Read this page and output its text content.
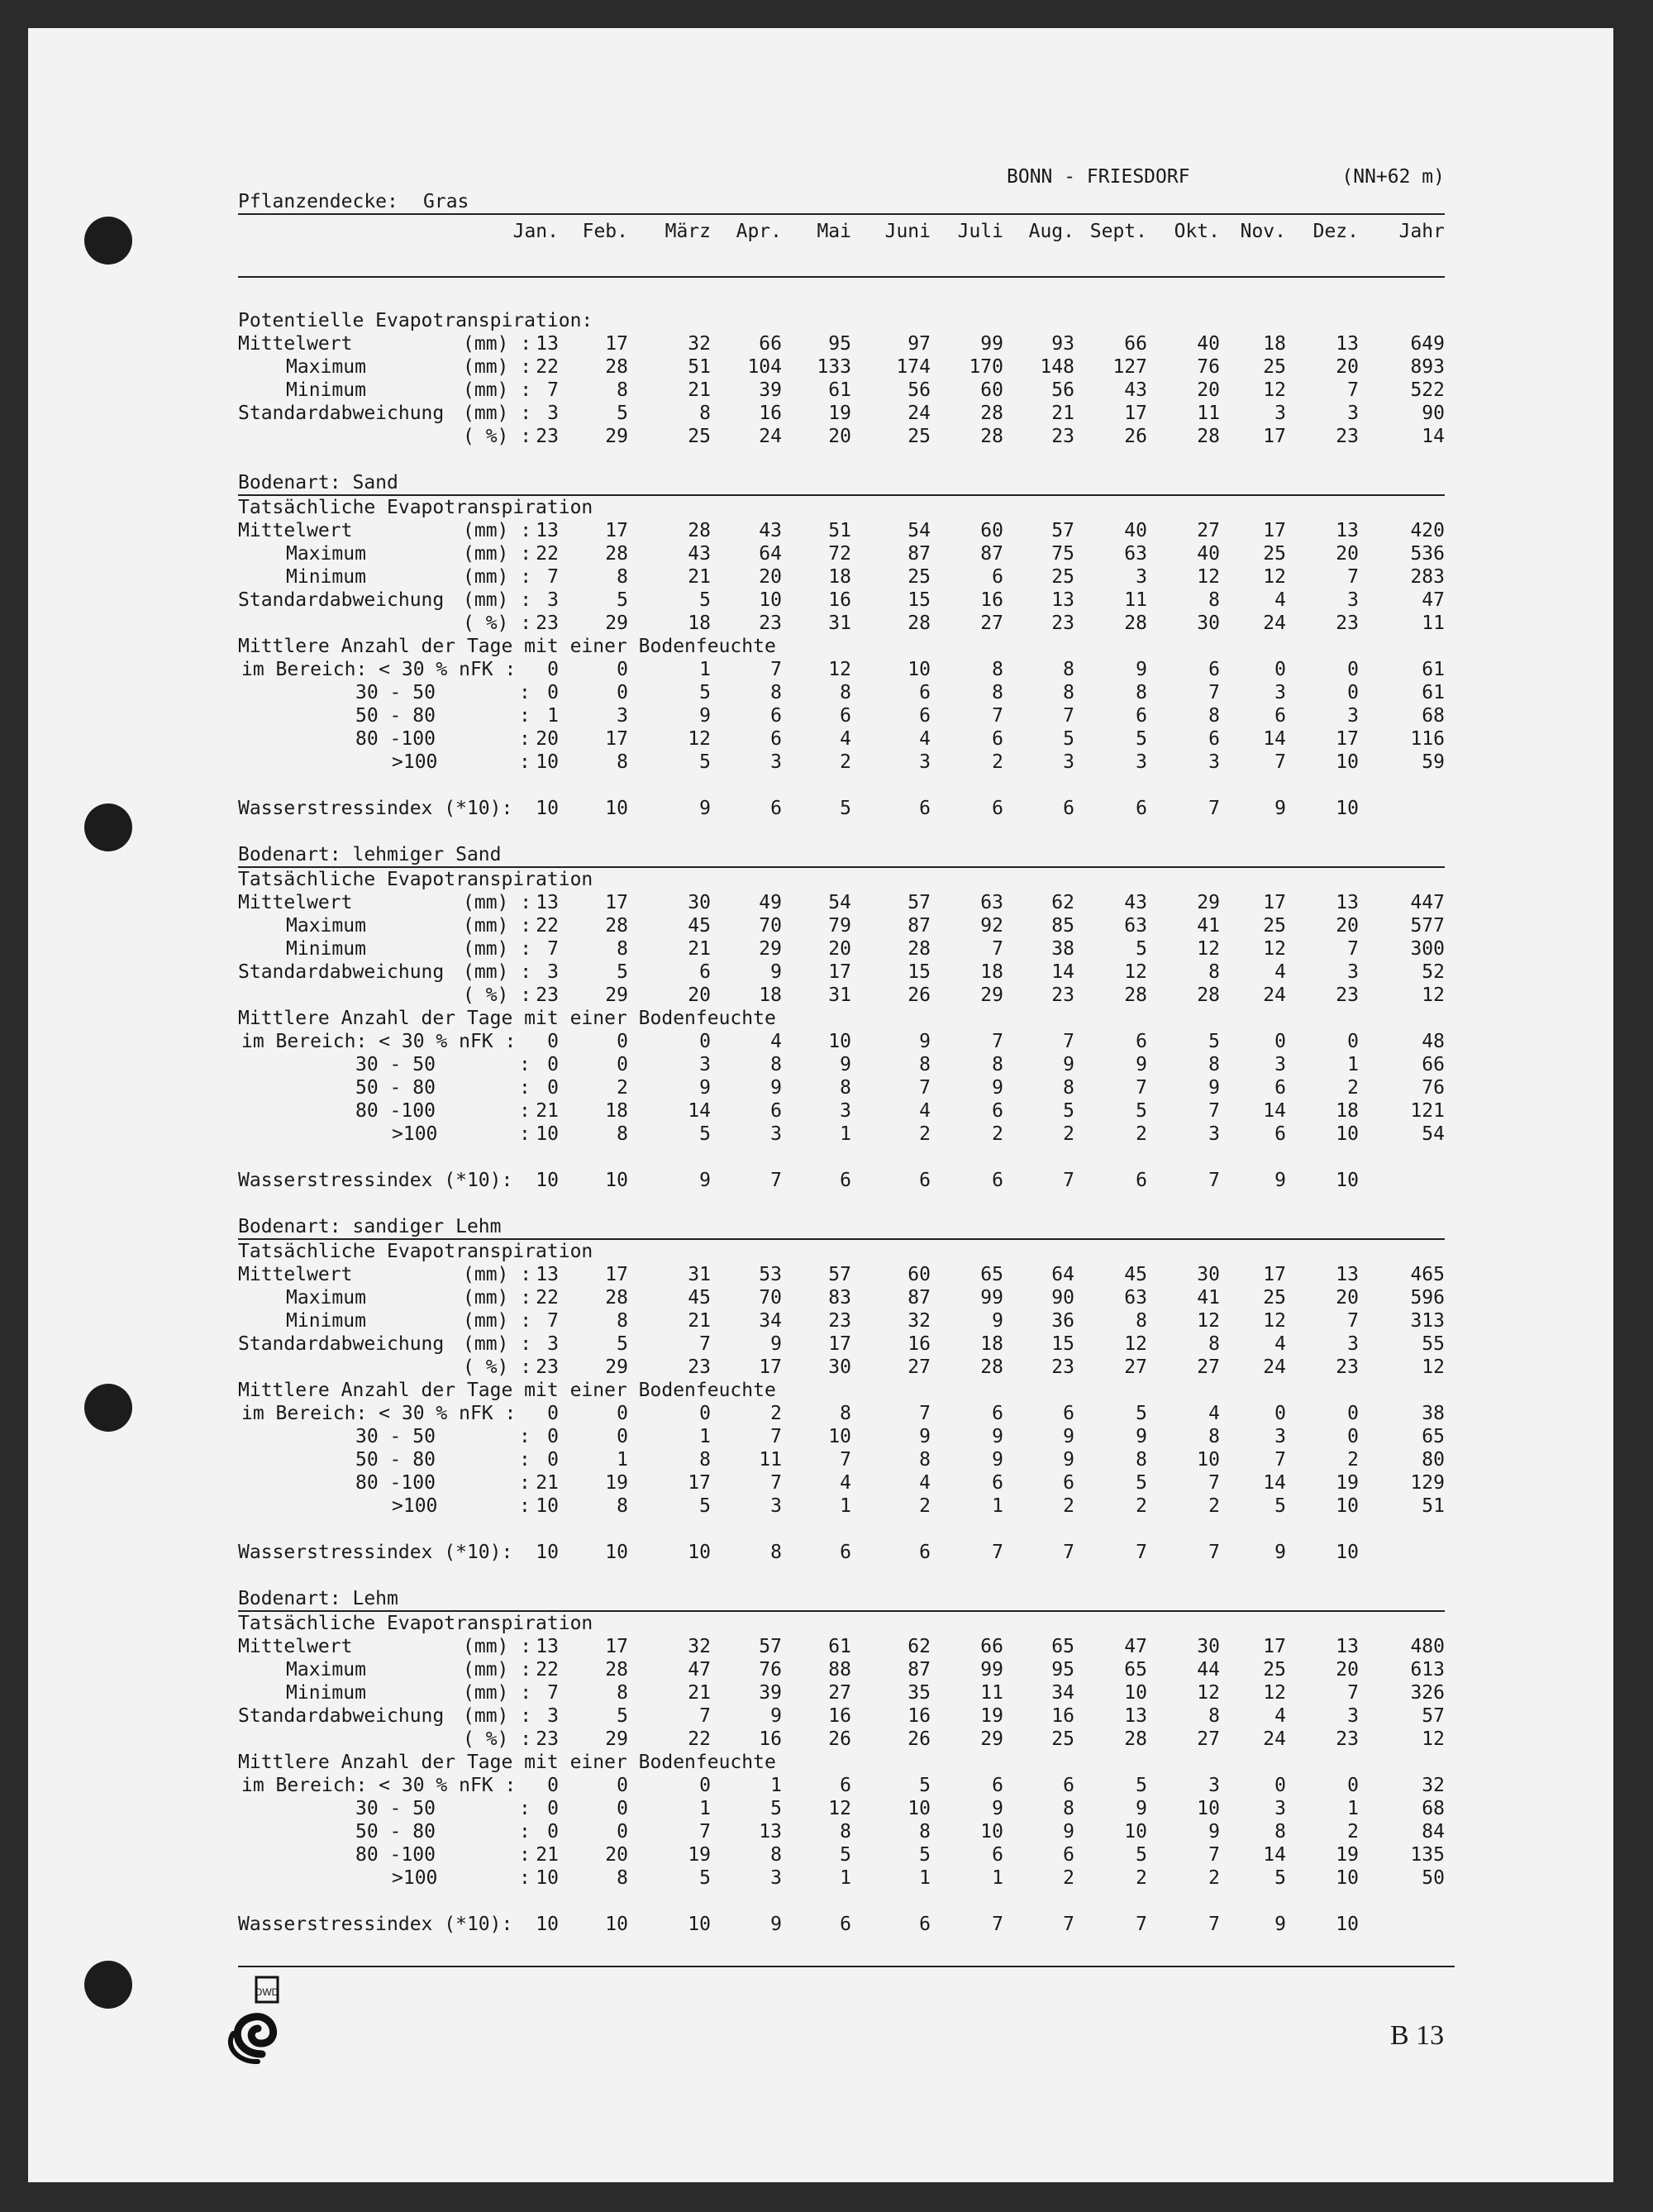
BONN - FRIESDORF	(NN+62 m)
Pflanzendecke: Gras
Jan.	Feb.	März	Apr.	Mai	Juni	Juli	Aug. Sept.	Okt.	Nov.	Dez.	Jahr
Potentielle Evapotranspiration:
Mittelwert	(mm) : 13	17	32	66	95	97	99	93	66	40	18	13	649
Maximum	(mm) : 22	28	51	104	133	174	170	148	127	76	25	20	893
Minimum	(mm) : 7	8	21	39	61	56	60	56	43	20	12	7	522
Standardabweichung (mm) : 3	5	8	16	19	24	28	21	17	11	3	3	90
( %) : 23	29	25	24	20	25	28	23	26	28	17	23	14
Bodenart: Sand
Tatsächliche Evapotranspiration
Mittelwert	(mm) : 13	17	28	43	51	54	60	57	40	27	17	13	420
Maximum	(mm) : 22	28	43	64	72	87	87	75	63	40	25	20	536
Minimum	(mm) : 7	8	21	20	18	25	6	25	3	12	12	7	283
Standardabweichung (mm) : 3	5	5	10	16	15	16	13	11	8	4	3	47
( %) : 23	29	18	23	31	28	27	23	28	30	24	23	11
Mittlere Anzahl der Tage mit einer Bodenfeuchte
im Bereich: < 30 % nFK :	0	0	1	7	12	10	8	8	9	6	0	0	61
30 - 50	: 0	0	5	8	8	6	8	8	8	7	3	0	61
50 - 80	: 1	3	9	6	6	6	7	7	6	8	6	3	68
80 -100	: 20	17	12	6	4	4	6	5	5	6	14	17	116
>100	: 10	8	5	3	2	3	2	3	3	3	7	10	59
Wasserstressindex (*10):	10	10	9	6	5	6	6	6	6	7	9	10
Bodenart: lehmiger Sand
Tatsächliche Evapotranspiration
Mittelwert	(mm) : 13	17	30	49	54	57	63	62	43	29	17	13	447
Maximum	(mm) : 22	28	45	70	79	87	92	85	63	41	25	20	577
Minimum	(mm) : 7	8	21	29	20	28	7	38	5	12	12	7	300
Standardabweichung (mm) : 3	5	6	9	17	15	18	14	12	8	4	3	52
( %) : 23	29	20	18	31	26	29	23	28	28	24	23	12
Mittlere Anzahl der Tage mit einer Bodenfeuchte
im Bereich: < 30 % nFK :	0	0	0	4	10	9	7	7	6	5	0	0	48
30 - 50	: 0	0	3	8	9	8	8	9	9	8	3	1	66
50 - 80	: 0	2	9	9	8	7	9	8	7	9	6	2	76
80 -100	: 21	18	14	6	3	4	6	5	5	7	14	18	121
>100	: 10	8	5	3	1	2	2	2	2	3	6	10	54
Wasserstressindex (*10):	10	10	9	7	6	6	6	7	6	7	9	10
Bodenart: sandiger Lehm
Tatsächliche Evapotranspiration
Mittelwert	(mm) : 13	17	31	53	57	60	65	64	45	30	17	13	465
Maximum	(mm) : 22	28	45	70	83	87	99	90	63	41	25	20	596
Minimum	(mm) : 7	8	21	34	23	32	9	36	8	12	12	7	313
Standardabweichung (mm) : 3	5	7	9	17	16	18	15	12	8	4	3	55
( %) : 23	29	23	17	30	27	28	23	27	27	24	23	12
Mittlere Anzahl der Tage mit einer Bodenfeuchte
im Bereich: < 30 % nFK :	0	0	0	2	8	7	6	6	5	4	0	0	38
30 - 50	: 0	0	1	7	10	9	9	9	9	8	3	0	65
50 - 80	: 0	1	8	11	7	8	9	9	8	10	7	2	80
80 -100	: 21	19	17	7	4	4	6	6	5	7	14	19	129
>100	: 10	8	5	3	1	2	1	2	2	2	5	10	51
Wasserstressindex (*10):	10	10	10	8	6	6	7	7	7	7	9	10
Bodenart: Lehm
Tatsächliche Evapotranspiration
Mittelwert	(mm) : 13	17	32	57	61	62	66	65	47	30	17	13	480
Maximum	(mm) : 22	28	47	76	88	87	99	95	65	44	25	20	613
Minimum	(mm) : 7	8	21	39	27	35	11	34	10	12	12	7	326
Standardabweichung (mm) : 3	5	7	9	16	16	19	16	13	8	4	3	57
( %) : 23	29	22	16	26	26	29	25	28	27	24	23	12
Mittlere Anzahl der Tage mit einer Bodenfeuchte
im Bereich: < 30 % nFK :	0	0	0	1	6	5	6	6	5	3	0	0	32
30 - 50	: 0	0	1	5	12	10	9	8	9	10	3	1	68
50 - 80	: 0	0	7	13	8	8	10	9	10	9	8	2	84
80 -100	: 21	20	19	8	5	5	6	6	5	7	14	19	135
>100	: 10	8	5	3	1	1	1	2	2	2	5	10	50
Wasserstressindex (*10):	10	10	10	9	6	6	7	7	7	7	9	10
DWD
B 13
